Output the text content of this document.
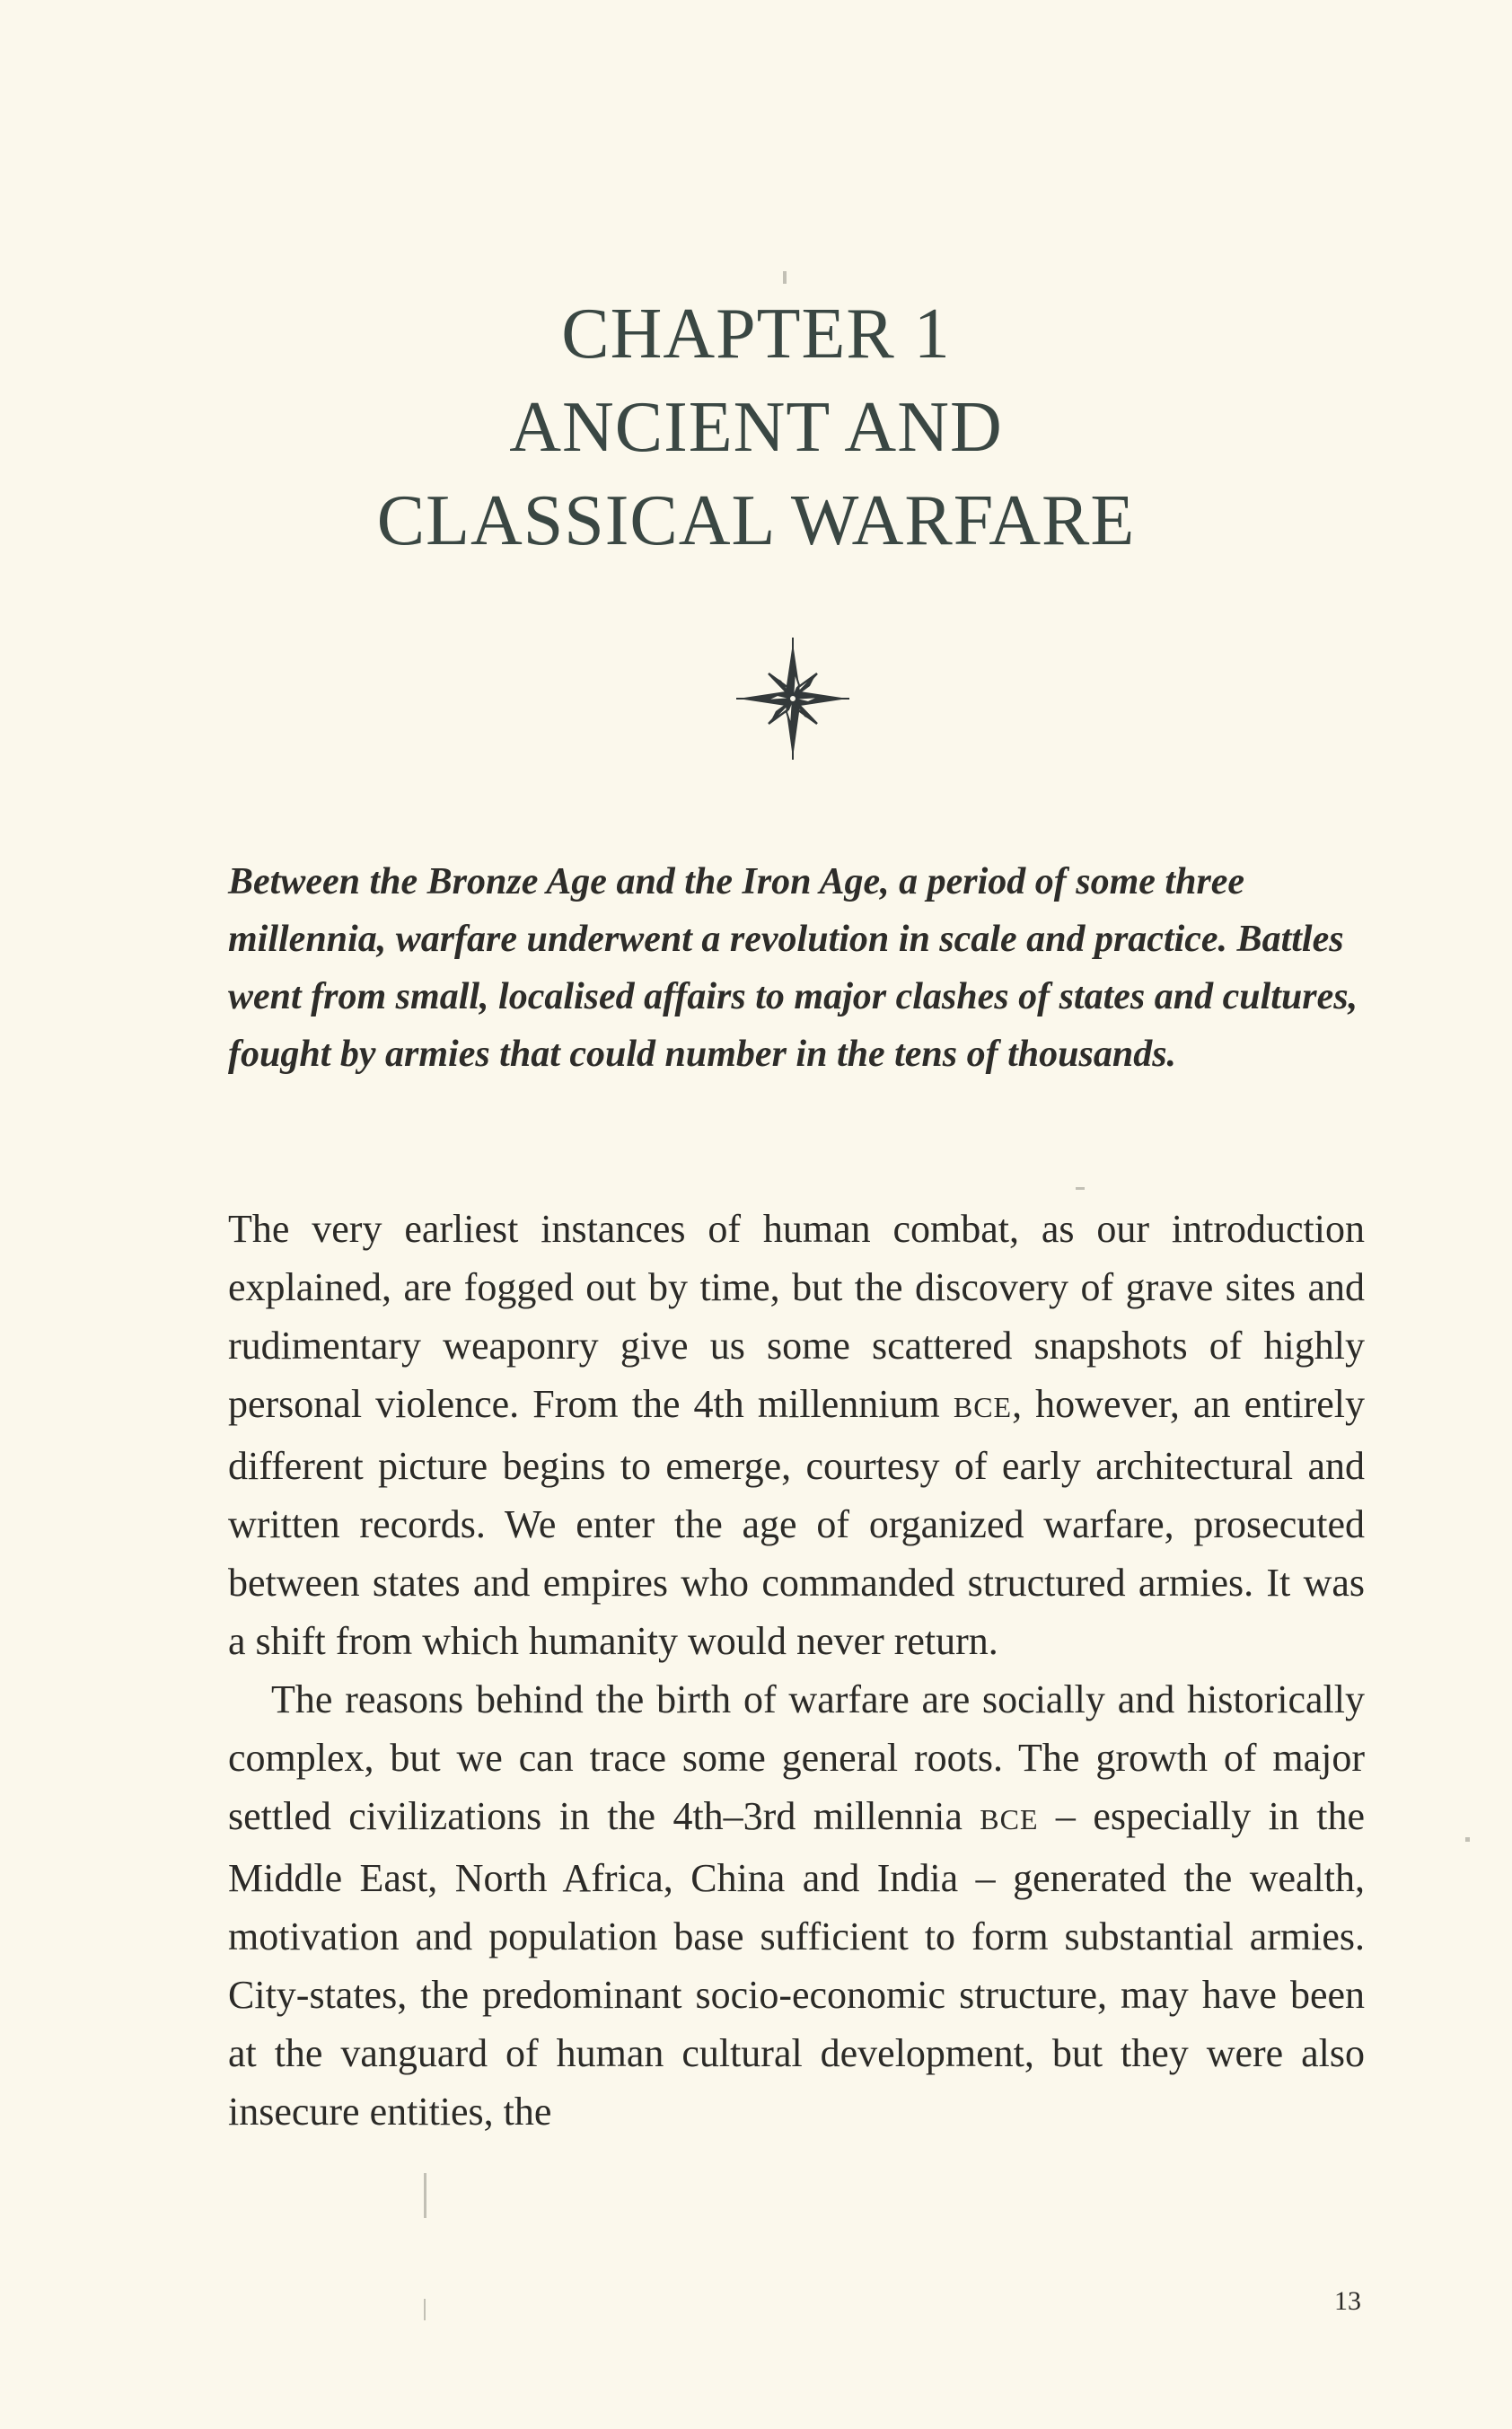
CHAPTER 1
ANCIENT AND
CLASSICAL WARFARE

Between the Bronze Age and the Iron Age, a period of some three millennia, warfare underwent a revolution in scale and practice. Battles went from small, localised affairs to major clashes of states and cultures, fought by armies that could number in the tens of thousands.

The very earliest instances of human combat, as our introduction explained, are fogged out by time, but the discovery of grave sites and rudimentary weaponry give us some scattered snapshots of highly personal violence. From the 4th millennium BCE, however, an entirely different picture begins to emerge, courtesy of early architectural and written records. We enter the age of organized warfare, prosecuted between states and empires who commanded structured armies. It was a shift from which humanity would never return.

The reasons behind the birth of warfare are socially and historically complex, but we can trace some general roots. The growth of major settled civilizations in the 4th–3rd millennia BCE – especially in the Middle East, North Africa, China and India – generated the wealth, motivation and population base sufficient to form substantial armies. City-states, the predominant socio-economic structure, may have been at the vanguard of human cultural development, but they were also insecure entities, the

13
